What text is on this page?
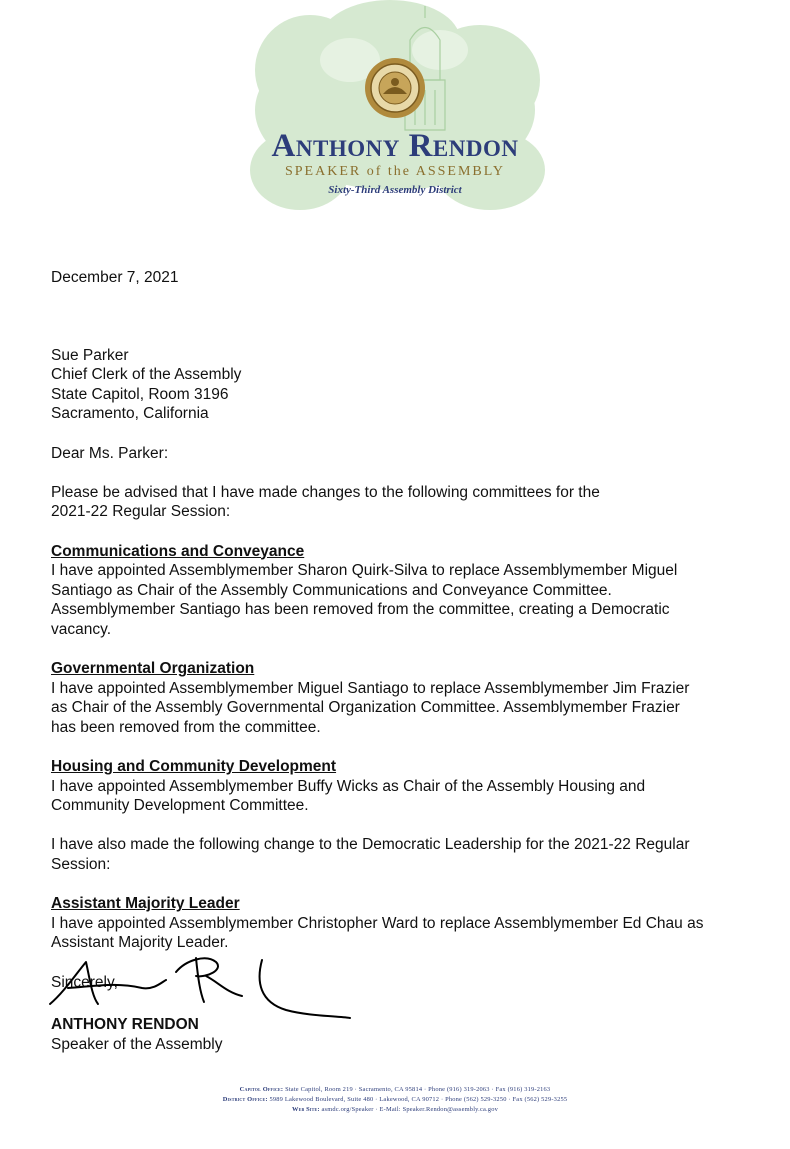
Anthony Rendon
SPEAKER of the ASSEMBLY
Sixty-Third Assembly District

December 7, 2021

Sue Parker

Chief Clerk of the Assembly

State Capitol, Room 3196

Sacramento, California

Dear Ms. Parker:

Please be advised that I have made changes to the following committees for the

2021-22 Regular Session:

Communications and Conveyance

I have appointed Assemblymember Sharon Quirk-Silva to replace Assemblymember Miguel

Santiago as Chair of the Assembly Communications and Conveyance Committee.

Assemblymember Santiago has been removed from the committee, creating a Democratic

vacancy.

Governmental Organization

I have appointed Assemblymember Miguel Santiago to replace Assemblymember Jim Frazier

as Chair of the Assembly Governmental Organization Committee. Assemblymember Frazier

has been removed from the committee.

Housing and Community Development

I have appointed Assemblymember Buffy Wicks as Chair of the Assembly Housing and

Community Development Committee.

I have also made the following change to the Democratic Leadership for the 2021-22 Regular

Session:

Assistant Majority Leader

I have appointed Assemblymember Christopher Ward to replace Assemblymember Ed Chau as

Assistant Majority Leader.

Sincerely,

ANTHONY RENDON
Speaker of the Assembly
Capitol Office: State Capitol, Room 219 · Sacramento, CA 95814 · Phone (916) 319-2063 · Fax (916) 319-2163
District Office: 5989 Lakewood Boulevard, Suite 480 · Lakewood, CA 90712 · Phone (562) 529-3250 · Fax (562) 529-3255
Web Site: asmdc.org/Speaker · E-Mail: Speaker.Rendon@assembly.ca.gov
